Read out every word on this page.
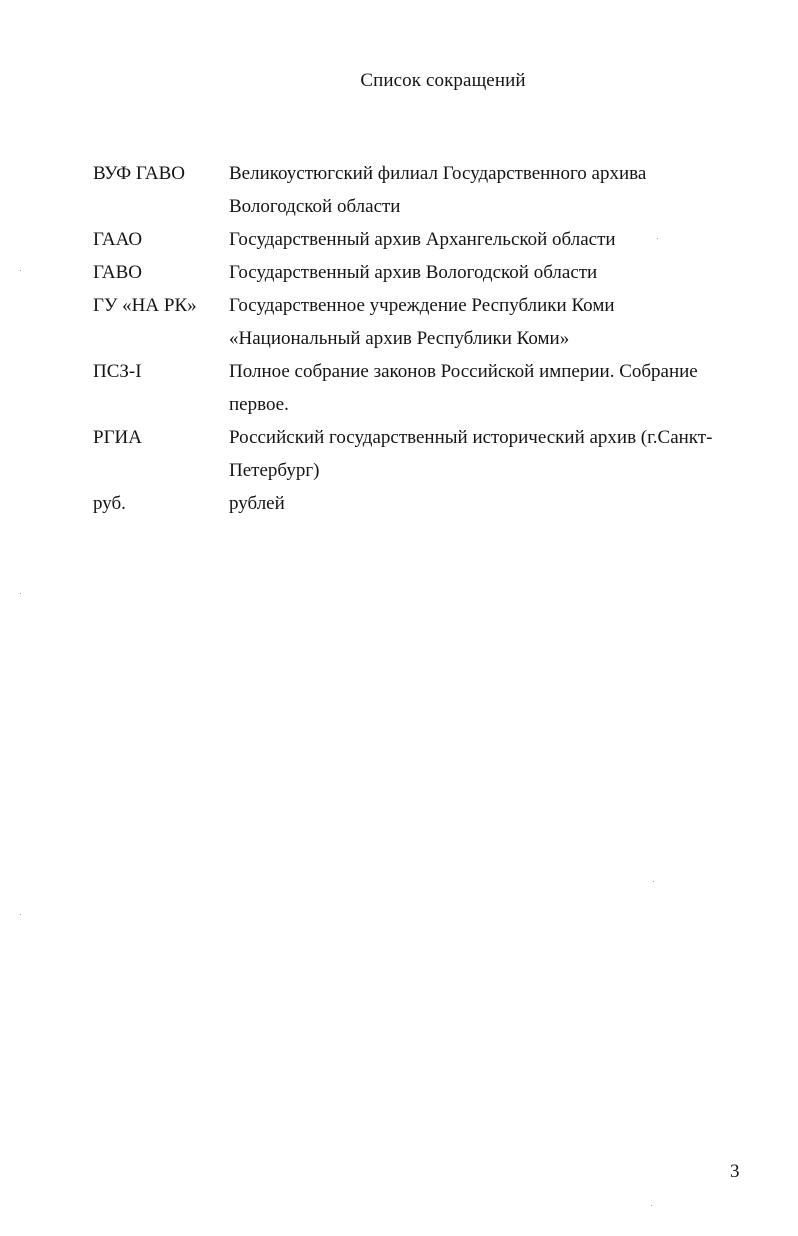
Список сокращений
ВУФ ГАВО	Великоустюгский филиал Государственного архива
Вологодской области
ГААО	Государственный архив Архангельской области
ГАВО	Государственный архив Вологодской области
ГУ «НА РК»	Государственное учреждение Республики Коми
«Национальный архив Республики Коми»
ПСЗ-I	Полное собрание законов Российской империи. Собрание
первое.
РГИА	Российский государственный исторический архив (г.Санкт-
Петербург)
руб.	рублей
3
